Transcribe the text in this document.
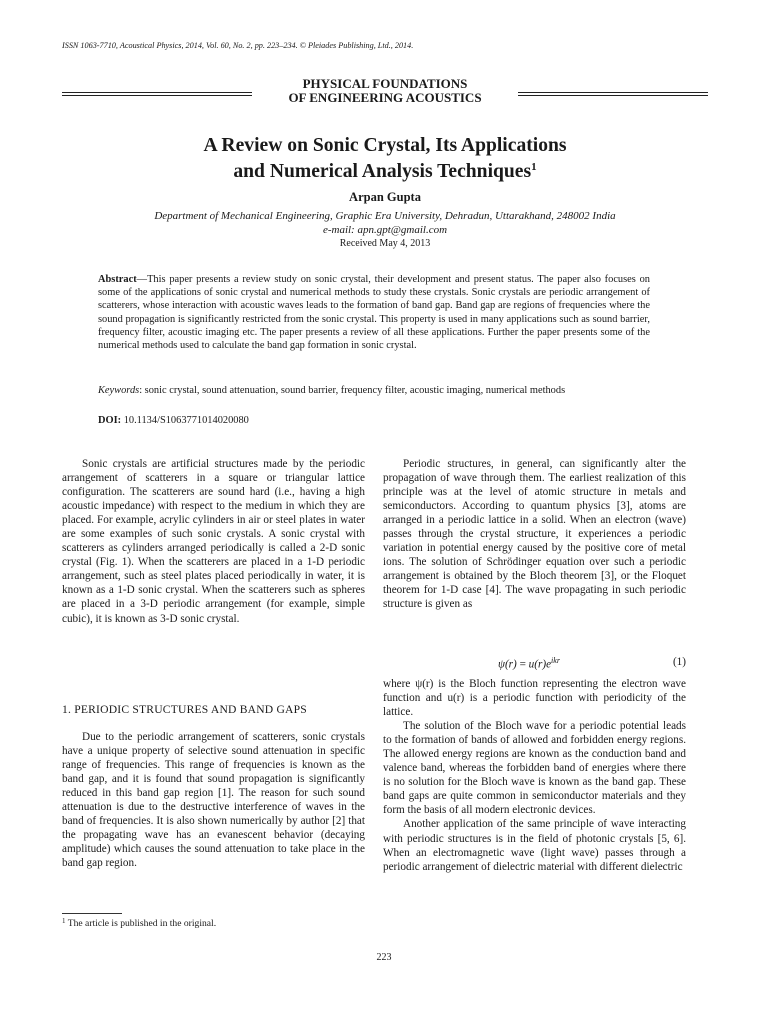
ISSN 1063-7710, Acoustical Physics, 2014, Vol. 60, No. 2, pp. 223–234. © Pleiades Publishing, Ltd., 2014.
PHYSICAL FOUNDATIONS
OF ENGINEERING ACOUSTICS
A Review on Sonic Crystal, Its Applications
and Numerical Analysis Techniques$^1$
Arpan Gupta
Department of Mechanical Engineering, Graphic Era University, Dehradun, Uttarakhand, 248002 India
e-mail: apn.gpt@gmail.com
Received May 4, 2013
Abstract—This paper presents a review study on sonic crystal, their development and present status. The paper also focuses on some of the applications of sonic crystal and numerical methods to study these crystals. Sonic crystals are periodic arrangement of scatterers, whose interaction with acoustic waves leads to the formation of band gap. Band gap are regions of frequencies where the sound propagation is significantly restricted from the sonic crystal. This property is used in many applications such as sound barrier, frequency filter, acoustic imaging etc. The paper presents a review of all these applications. Further the paper presents some of the numerical methods used to calculate the band gap formation in sonic crystal.
Keywords: sonic crystal, sound attenuation, sound barrier, frequency filter, acoustic imaging, numerical methods
DOI: 10.1134/S1063771014020080

Sonic crystals are artificial structures made by the periodic arrangement of scatterers in a square or triangular lattice configuration. The scatterers are sound hard (i.e., having a high acoustic impedance) with respect to the medium in which they are placed. For example, acrylic cylinders in air or steel plates in water are some examples of such sonic crystals. A sonic crystal with scatterers as cylinders arranged periodically is called a 2-D sonic crystal (Fig. 1). When the scatterers are placed in a 1-D periodic arrangement, such as steel plates placed periodically in water, it is known as a 1-D sonic crystal. When the scatterers such as spheres are placed in a 3-D periodic arrangement (for example, simple cubic), it is known as 3-D sonic crystal.

1. PERIODIC STRUCTURES AND BAND GAPS

Due to the periodic arrangement of scatterers, sonic crystals have a unique property of selective sound attenuation in specific range of frequencies. This range of frequencies is known as the band gap, and it is found that sound propagation is significantly reduced in this band gap region [1]. The reason for such sound attenuation is due to the destructive interference of waves in the band of frequencies. It is also shown numerically by author [2] that the propagating wave has an evanescent behavior (decaying amplitude) which causes the sound attenuation to take place in the band gap region.

Periodic structures, in general, can significantly alter the propagation of wave through them. The earliest realization of this principle was at the level of atomic structure in metals and semiconductors. According to quantum physics [3], atoms are arranged in a periodic lattice in a solid. When an electron (wave) passes through the crystal structure, it experiences a periodic variation in potential energy caused by the positive core of metal ions. The solution of Schrödinger equation over such a periodic arrangement is obtained by the Bloch theorem [3], or the Floquet theorem for 1-D case [4]. The wave propagating in such periodic structure is given as

$\psi(r) = u(r)e^{ikr}$	(1)

where ψ(r) is the Bloch function representing the electron wave function and u(r) is a periodic function with periodicity of the lattice.

The solution of the Bloch wave for a periodic potential leads to the formation of bands of allowed and forbidden energy regions. The allowed energy regions are known as the conduction band and valence band, whereas the forbidden band of energies where there is no solution for the Bloch wave is known as the band gap. These band gaps are quite common in semiconductor materials and they form the basis of all modern electronic devices.

Another application of the same principle of wave interacting with periodic structures is in the field of photonic crystals [5, 6]. When an electromagnetic wave (light wave) passes through a periodic arrangement of dielectric material with different dielectric

$^1$ The article is published in the original.
223
